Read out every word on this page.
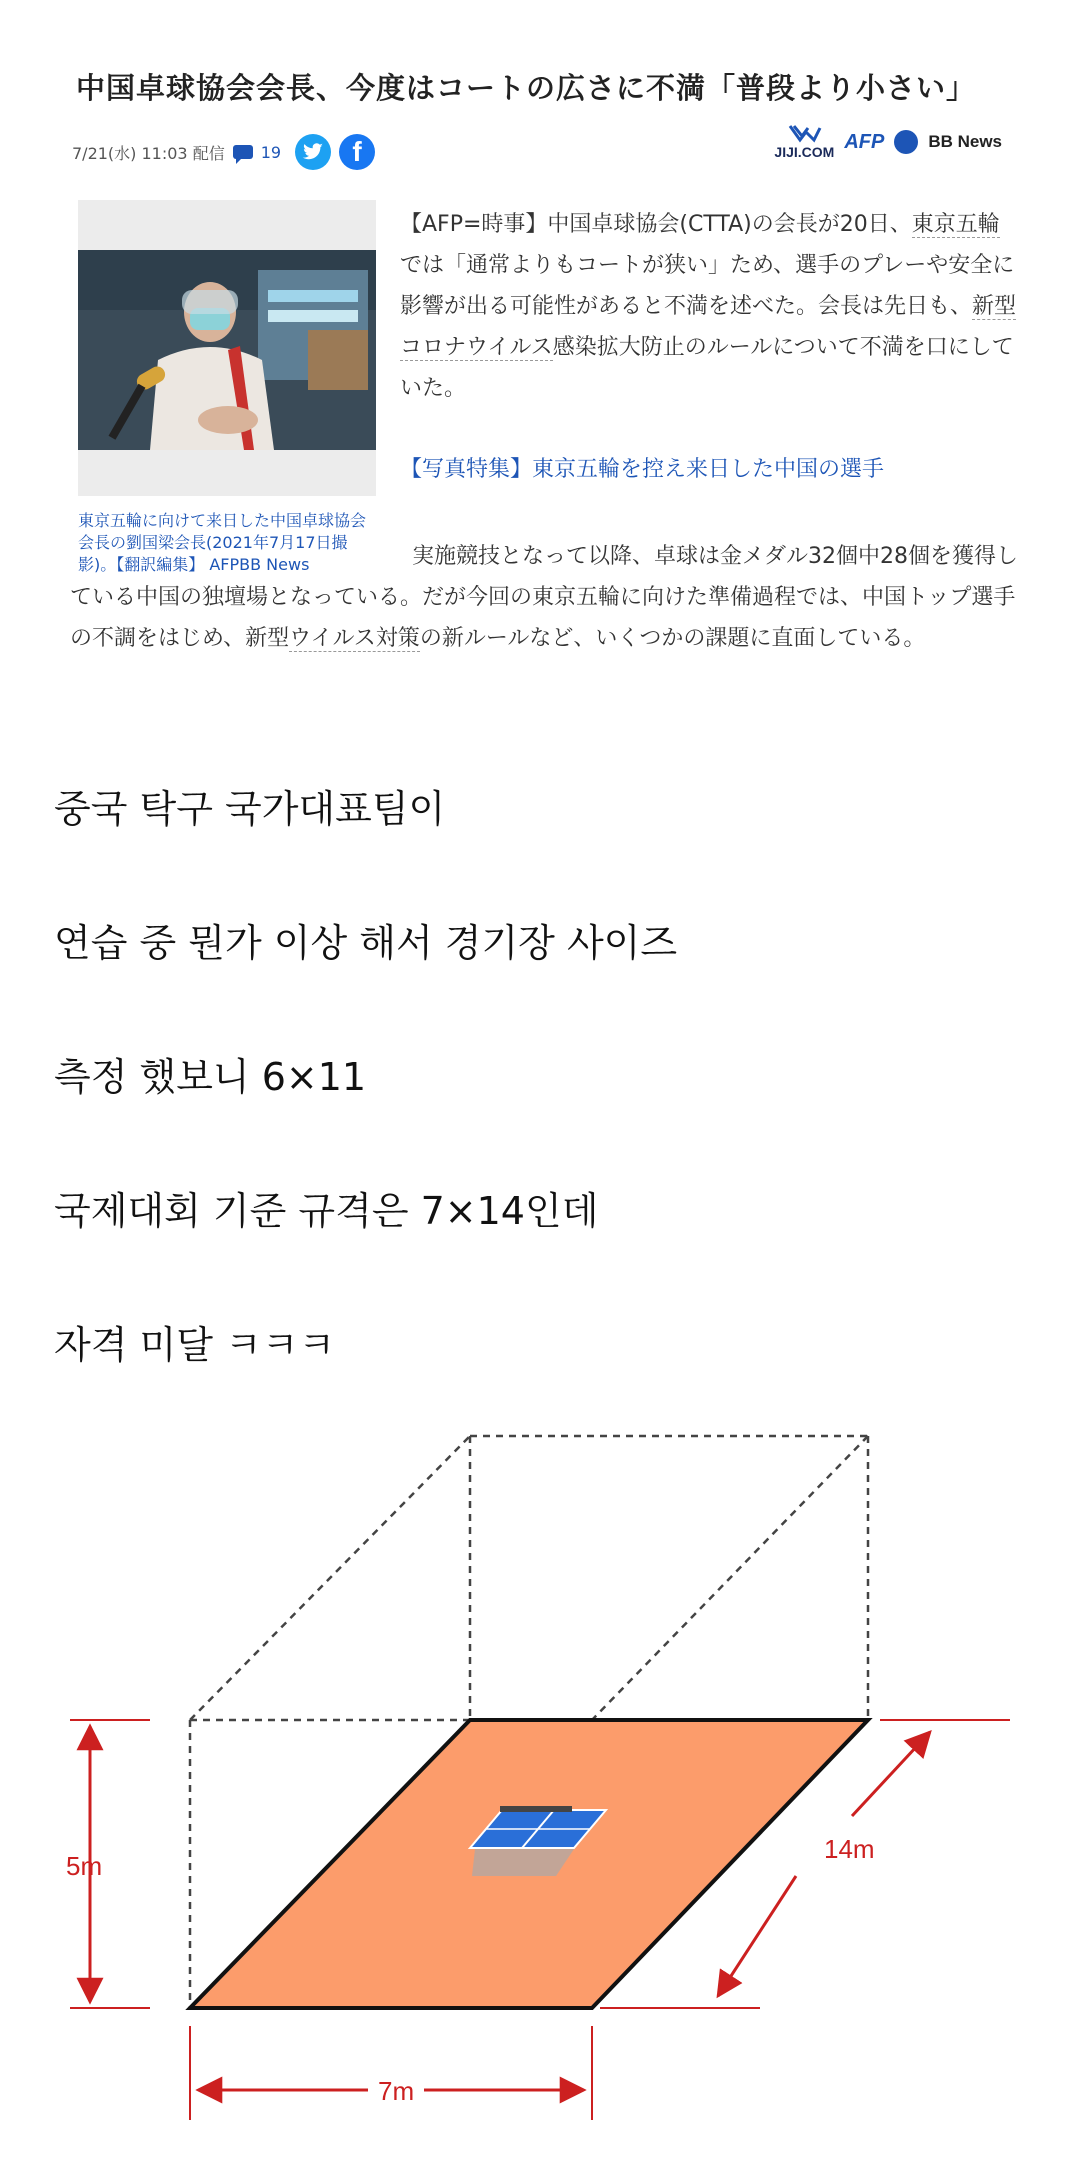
中国卓球協会会長、今度はコートの広さに不満「普段より小さい」
7/21(水) 11:03 配信 19	f	JIJI.COM AFP	BB News
東京五輪に向けて来日した中国卓球協会会長の劉国梁会長(2021年7月17日撮影)。【翻訳編集】 AFPBB News
【AFP=時事】中国卓球協会(CTTA)の会長が20日、東京五輪では「通常よりもコートが狭い」ため、選手のプレーや安全に影響が出る可能性があると不満を述べた。会長は先日も、新型コロナウイルス感染拡大防止のルールについて不満を口にしていた。
【写真特集】東京五輪を控え来日した中国の選手
実施競技となって以降、卓球は金メダル32個中28個を獲得している中国の独壇場となっている。だが今回の東京五輪に向けた準備過程では、中国トップ選手の不調をはじめ、新型ウイルス対策の新ルールなど、いくつかの課題に直面している。
중국 탁구 국가대표팀이
연습 중 뭔가 이상 해서 경기장 사이즈
측정 했보니 6×11
국제대회 기준 규격은 7×14인데
자격 미달 ㅋㅋㅋ
5m
7m
14m
